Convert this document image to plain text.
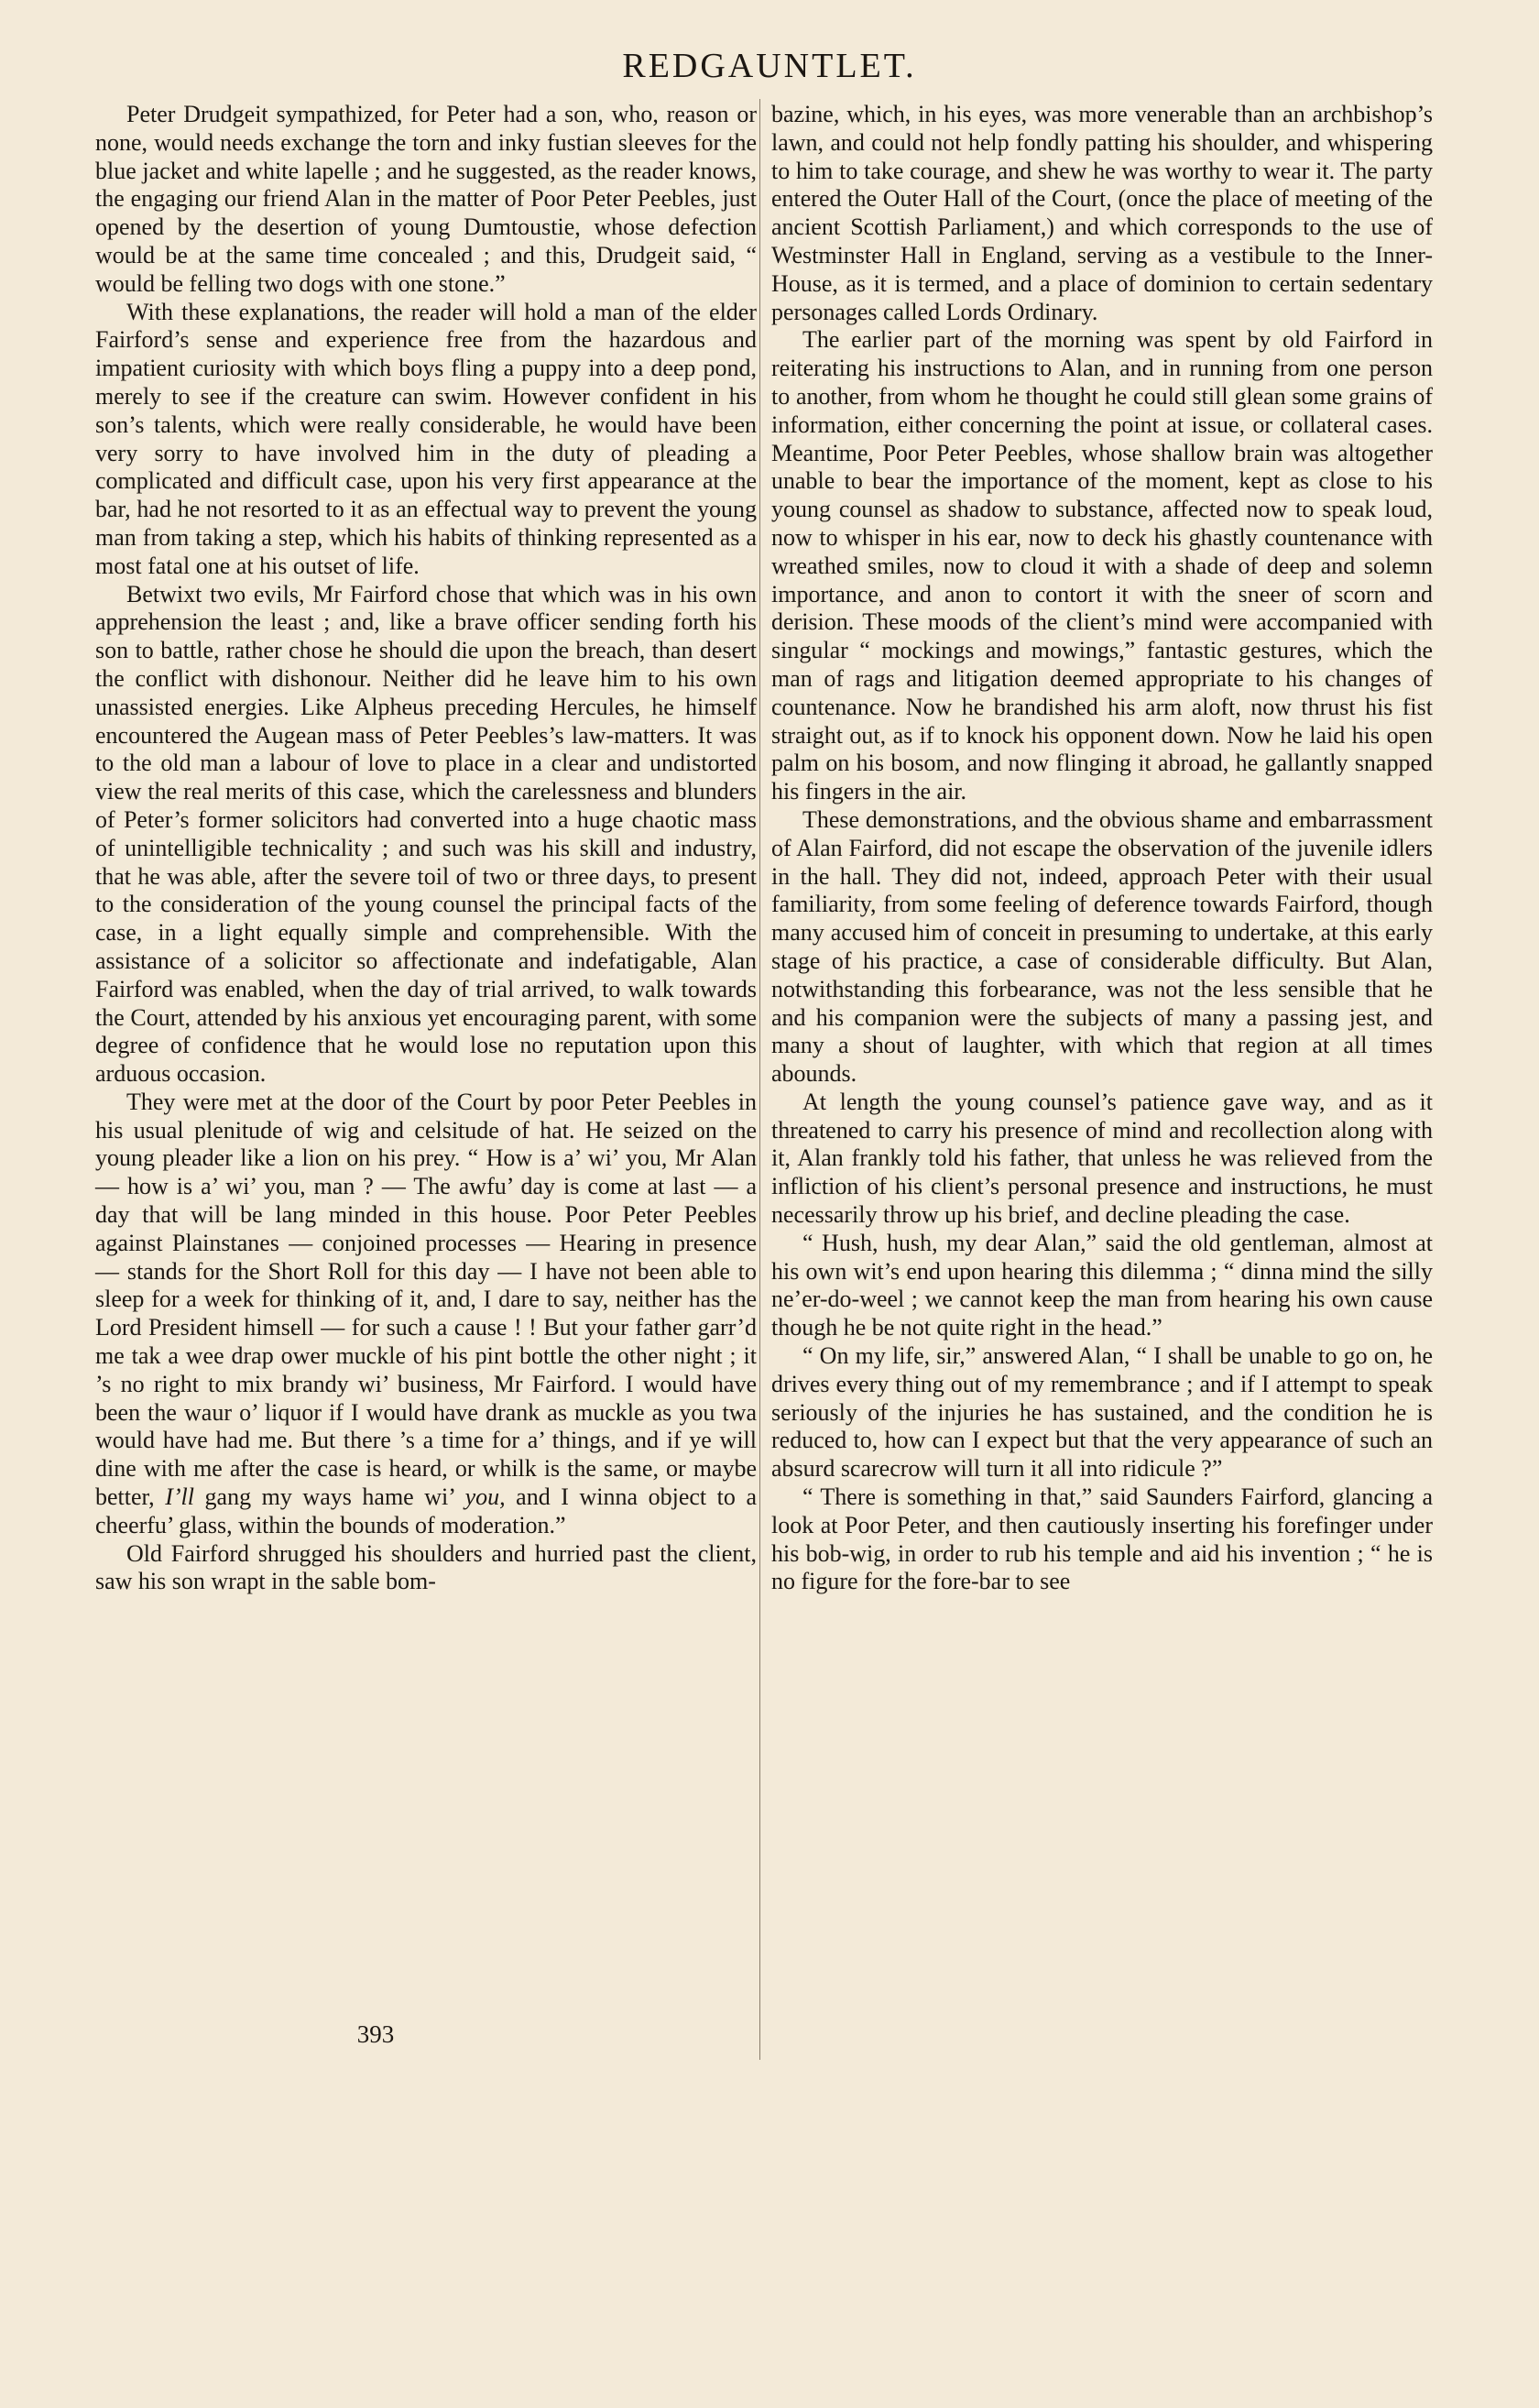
REDGAUNTLET.

Peter Drudgeit sympathized, for Peter had a son, who, reason or none, would needs exchange the torn and inky fustian sleeves for the blue jacket and white lapelle ; and he suggested, as the reader knows, the engaging our friend Alan in the matter of Poor Peter Peebles, just opened by the desertion of young Dumtoustie, whose defection would be at the same time concealed ; and this, Drudgeit said, “ would be felling two dogs with one stone.”

With these explanations, the reader will hold a man of the elder Fairford’s sense and experience free from the hazardous and impatient curiosity with which boys fling a puppy into a deep pond, merely to see if the creature can swim. However confident in his son’s talents, which were really considerable, he would have been very sorry to have involved him in the duty of pleading a complicated and difficult case, upon his very first appearance at the bar, had he not resorted to it as an effectual way to prevent the young man from taking a step, which his habits of thinking represented as a most fatal one at his outset of life.

Betwixt two evils, Mr Fairford chose that which was in his own apprehension the least ; and, like a brave officer sending forth his son to battle, rather chose he should die upon the breach, than desert the conflict with dishonour. Neither did he leave him to his own unassisted energies. Like Alpheus preceding Hercules, he himself encountered the Augean mass of Peter Peebles’s law-matters. It was to the old man a labour of love to place in a clear and undistorted view the real merits of this case, which the carelessness and blunders of Peter’s former solicitors had converted into a huge chaotic mass of unintelligible technicality ; and such was his skill and industry, that he was able, after the severe toil of two or three days, to present to the consideration of the young counsel the principal facts of the case, in a light equally simple and comprehensible. With the assistance of a solicitor so affectionate and indefatigable, Alan Fairford was enabled, when the day of trial arrived, to walk towards the Court, attended by his anxious yet encouraging parent, with some degree of confidence that he would lose no reputation upon this arduous occasion.

They were met at the door of the Court by poor Peter Peebles in his usual plenitude of wig and celsitude of hat. He seized on the young pleader like a lion on his prey. “ How is a’ wi’ you, Mr Alan — how is a’ wi’ you, man ? — The awfu’ day is come at last — a day that will be lang minded in this house. Poor Peter Peebles against Plainstanes — conjoined processes — Hearing in presence — stands for the Short Roll for this day — I have not been able to sleep for a week for thinking of it, and, I dare to say, neither has the Lord President himsell — for such a cause ! ! But your father garr’d me tak a wee drap ower muckle of his pint bottle the other night ; it ’s no right to mix brandy wi’ business, Mr Fairford. I would have been the waur o’ liquor if I would have drank as muckle as you twa would have had me. But there ’s a time for a’ things, and if ye will dine with me after the case is heard, or whilk is the same, or maybe better, I’ll gang my ways hame wi’ you, and I winna object to a cheerfu’ glass, within the bounds of moderation.”

Old Fairford shrugged his shoulders and hurried past the client, saw his son wrapt in the sable bom-

bazine, which, in his eyes, was more venerable than an archbishop’s lawn, and could not help fondly patting his shoulder, and whispering to him to take courage, and shew he was worthy to wear it. The party entered the Outer Hall of the Court, (once the place of meeting of the ancient Scottish Parliament,) and which corresponds to the use of Westminster Hall in England, serving as a vestibule to the Inner-House, as it is termed, and a place of dominion to certain sedentary personages called Lords Ordinary.

The earlier part of the morning was spent by old Fairford in reiterating his instructions to Alan, and in running from one person to another, from whom he thought he could still glean some grains of information, either concerning the point at issue, or collateral cases. Meantime, Poor Peter Peebles, whose shallow brain was altogether unable to bear the importance of the moment, kept as close to his young counsel as shadow to substance, affected now to speak loud, now to whisper in his ear, now to deck his ghastly countenance with wreathed smiles, now to cloud it with a shade of deep and solemn importance, and anon to contort it with the sneer of scorn and derision. These moods of the client’s mind were accompanied with singular “ mockings and mowings,” fantastic gestures, which the man of rags and litigation deemed appropriate to his changes of countenance. Now he brandished his arm aloft, now thrust his fist straight out, as if to knock his opponent down. Now he laid his open palm on his bosom, and now flinging it abroad, he gallantly snapped his fingers in the air.

These demonstrations, and the obvious shame and embarrassment of Alan Fairford, did not escape the observation of the juvenile idlers in the hall. They did not, indeed, approach Peter with their usual familiarity, from some feeling of deference towards Fairford, though many accused him of conceit in presuming to undertake, at this early stage of his practice, a case of considerable difficulty. But Alan, notwithstanding this forbearance, was not the less sensible that he and his companion were the subjects of many a passing jest, and many a shout of laughter, with which that region at all times abounds.

At length the young counsel’s patience gave way, and as it threatened to carry his presence of mind and recollection along with it, Alan frankly told his father, that unless he was relieved from the infliction of his client’s personal presence and instructions, he must necessarily throw up his brief, and decline pleading the case.

“ Hush, hush, my dear Alan,” said the old gentleman, almost at his own wit’s end upon hearing this dilemma ; “ dinna mind the silly ne’er-do-weel ; we cannot keep the man from hearing his own cause though he be not quite right in the head.”

“ On my life, sir,” answered Alan, “ I shall be unable to go on, he drives every thing out of my remembrance ; and if I attempt to speak seriously of the injuries he has sustained, and the condition he is reduced to, how can I expect but that the very appearance of such an absurd scarecrow will turn it all into ridicule ?”

“ There is something in that,” said Saunders Fairford, glancing a look at Poor Peter, and then cautiously inserting his forefinger under his bob-wig, in order to rub his temple and aid his invention ; “ he is no figure for the fore-bar to see

393
